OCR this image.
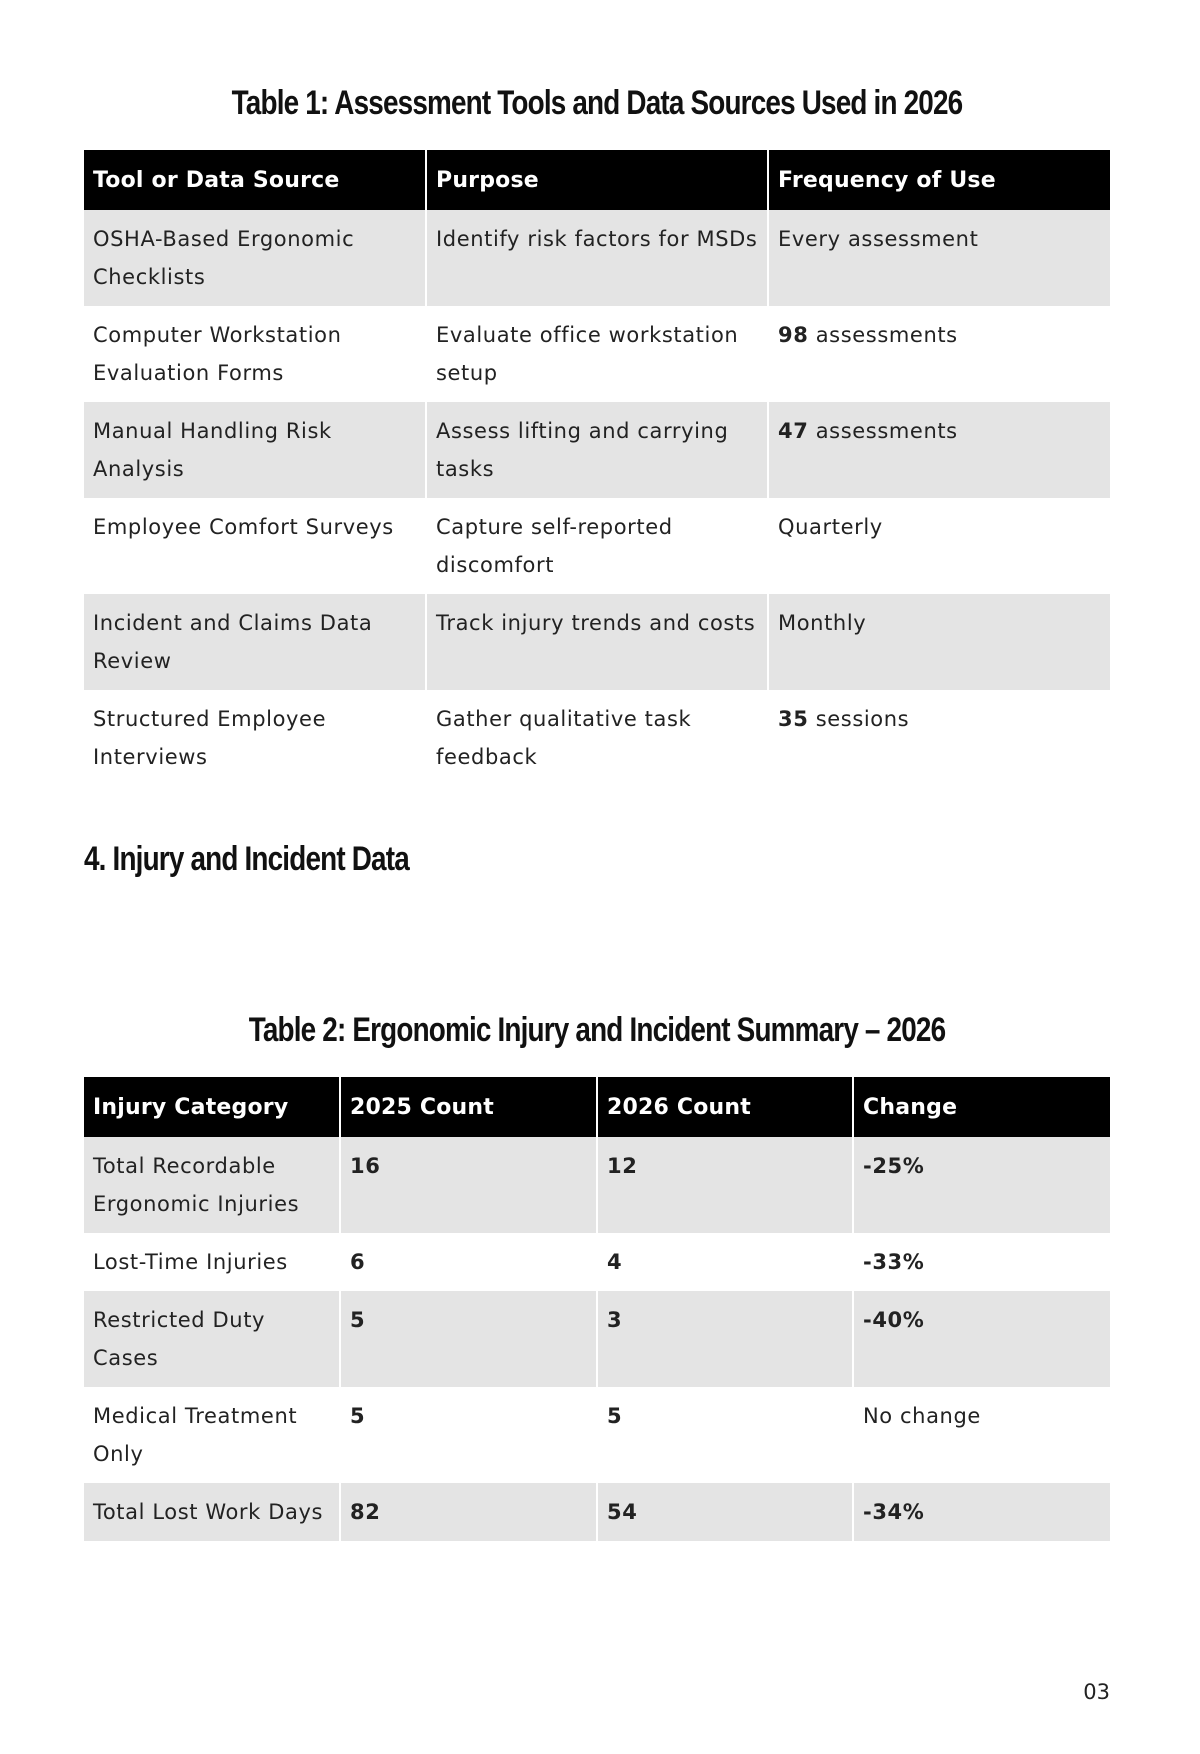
Table 1: Assessment Tools and Data Sources Used in 2026
Tool or Data Source	Purpose	Frequency of Use
OSHA-Based Ergonomic Checklists	Identify risk factors for MSDs	Every assessment
Computer Workstation Evaluation Forms	Evaluate office workstation setup	98 assessments
Manual Handling Risk Analysis	Assess lifting and carrying tasks	47 assessments
Employee Comfort Surveys	Capture self-reported discomfort	Quarterly
Incident and Claims Data Review	Track injury trends and costs	Monthly
Structured Employee Interviews	Gather qualitative task feedback	35 sessions
4. Injury and Incident Data
Table 2: Ergonomic Injury and Incident Summary – 2026
Injury Category	2025 Count	2026 Count	Change
Total Recordable Ergonomic Injuries	16	12	-25%
Lost-Time Injuries	6	4	-33%
Restricted Duty Cases	5	3	-40%
Medical Treatment Only	5	5	No change
Total Lost Work Days	82	54	-34%
03
